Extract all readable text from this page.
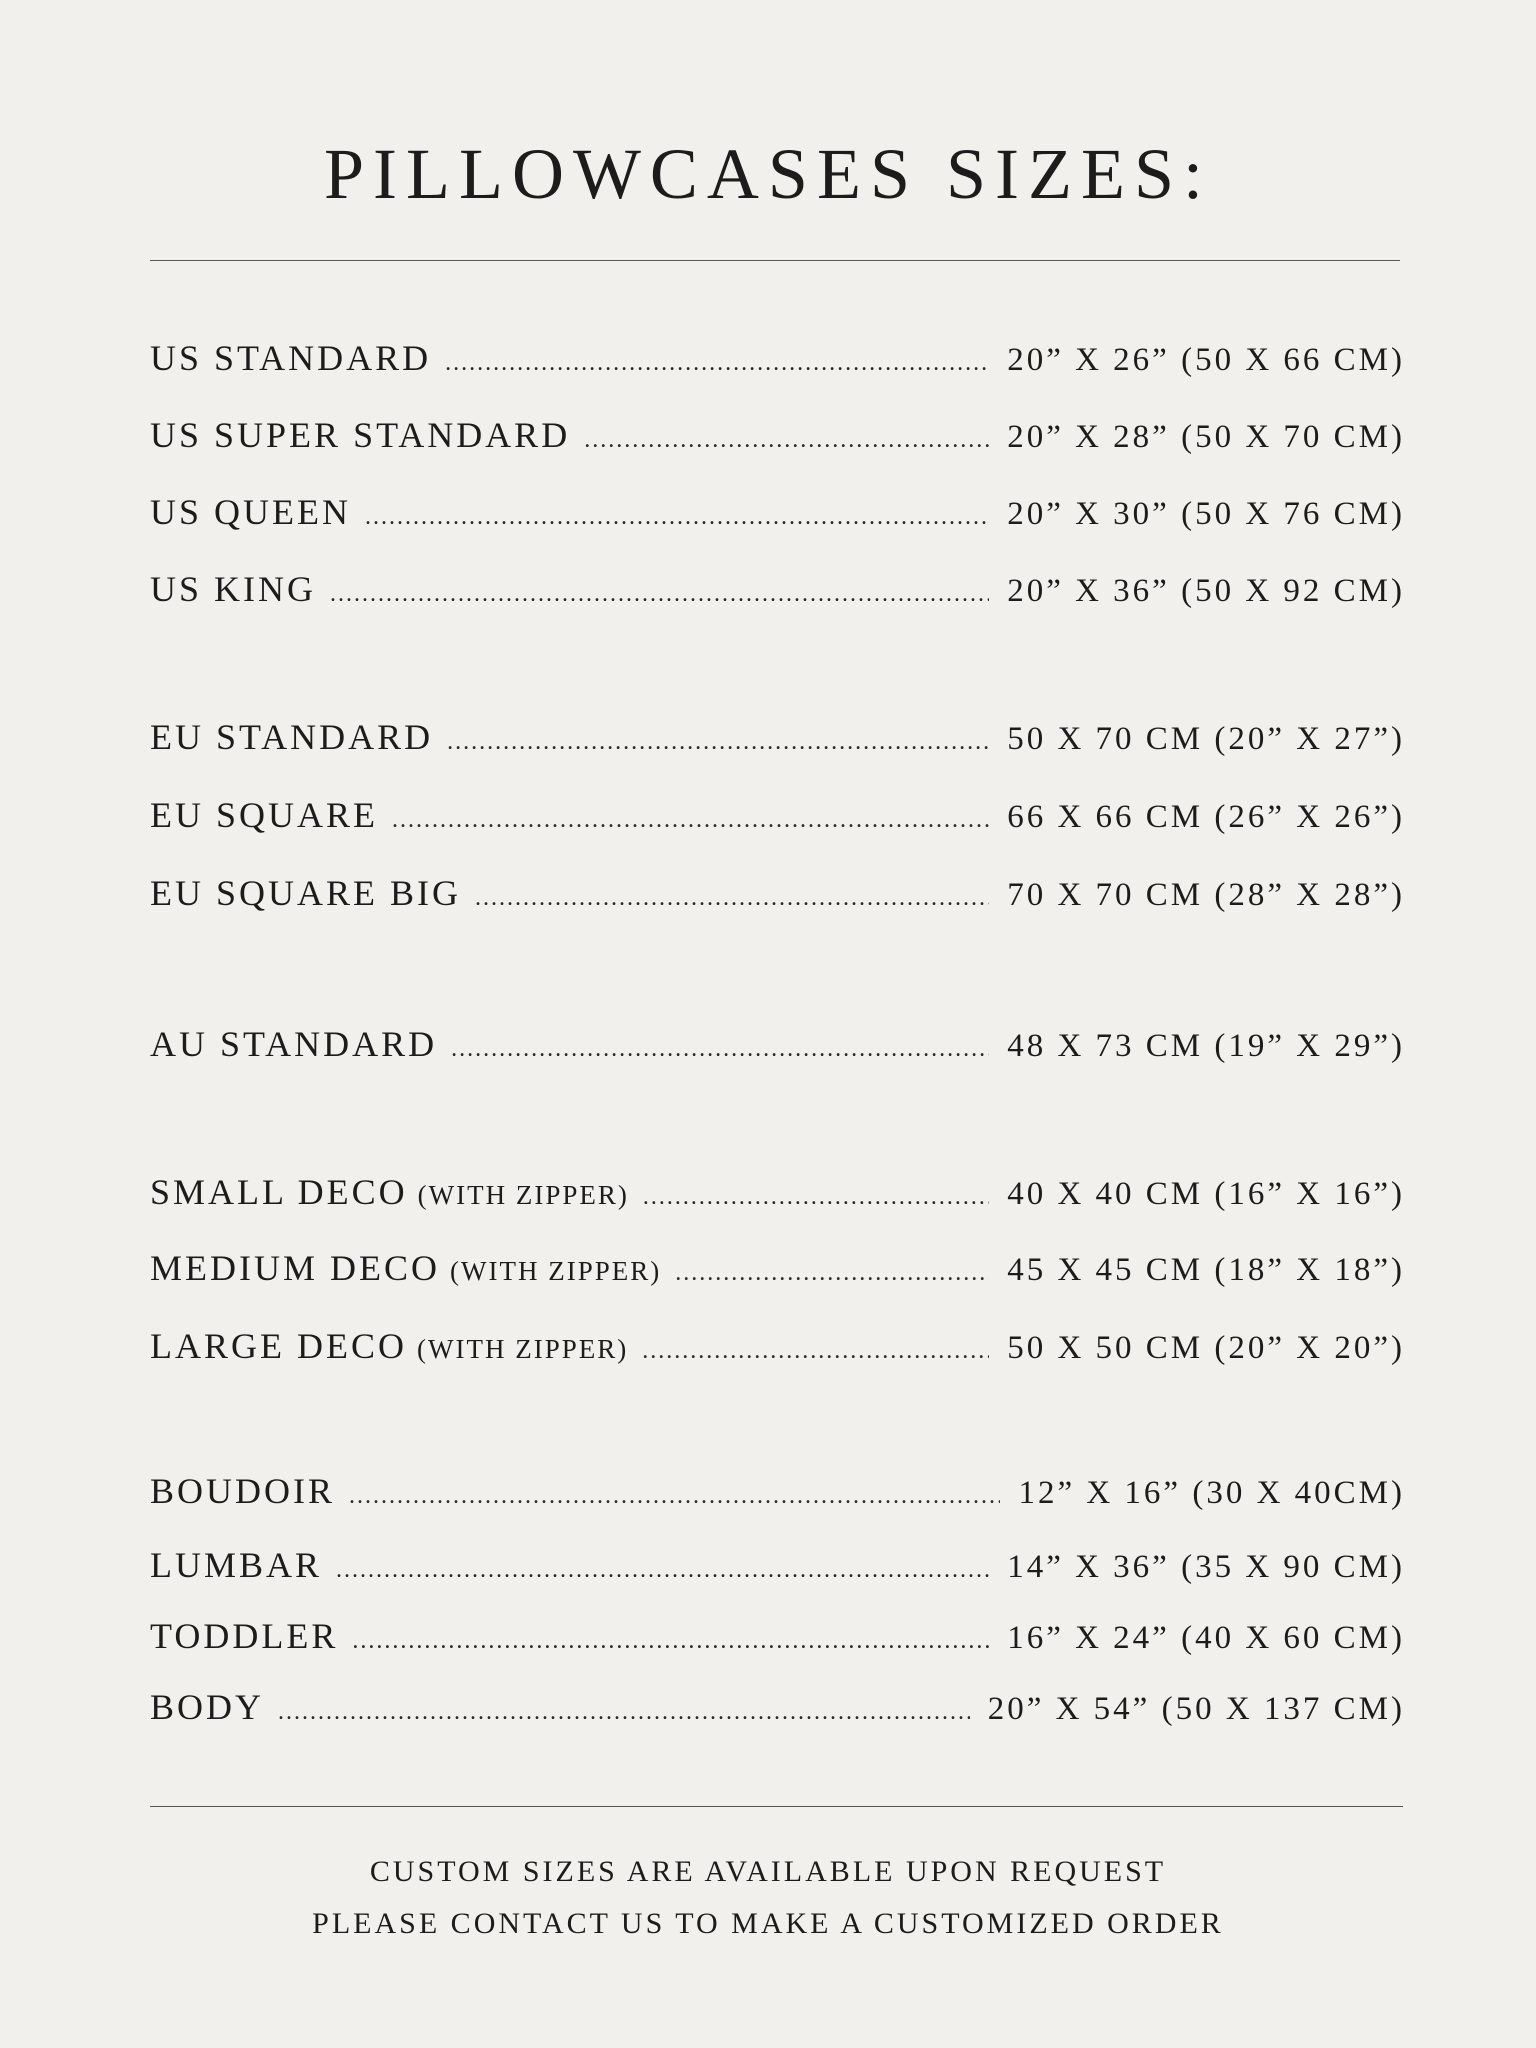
PILLOWCASES SIZES:
US STANDARD .....	20” X 26” (50 X 66 CM)
US SUPER STANDARD .....	20” X 28” (50 X 70 CM)
US QUEEN .....	20” X 30” (50 X 76 CM)
US KING .....	20” X 36” (50 X 92 CM)
EU STANDARD .....	50 X 70 CM (20” X 27”)
EU SQUARE .....	66 X 66 CM (26” X 26”)
EU SQUARE BIG .....	70 X 70 CM (28” X 28”)
AU STANDARD .....	48 X 73 CM (19” X 29”)
SMALL DECO (WITH ZIPPER) .....	40 X 40 CM (16” X 16”)
MEDIUM DECO (WITH ZIPPER) .....	45 X 45 CM (18” X 18”)
LARGE DECO (WITH ZIPPER) .....	50 X 50 CM (20” X 20”)
BOUDOIR .....	12” X 16” (30 X 40CM)
LUMBAR .....	14” X 36” (35 X 90 CM)
TODDLER .....	16” X 24” (40 X 60 CM)
BODY .....	20” X 54” (50 X 137 CM)
CUSTOM SIZES ARE AVAILABLE UPON REQUEST
PLEASE CONTACT US TO MAKE A CUSTOMIZED ORDER
